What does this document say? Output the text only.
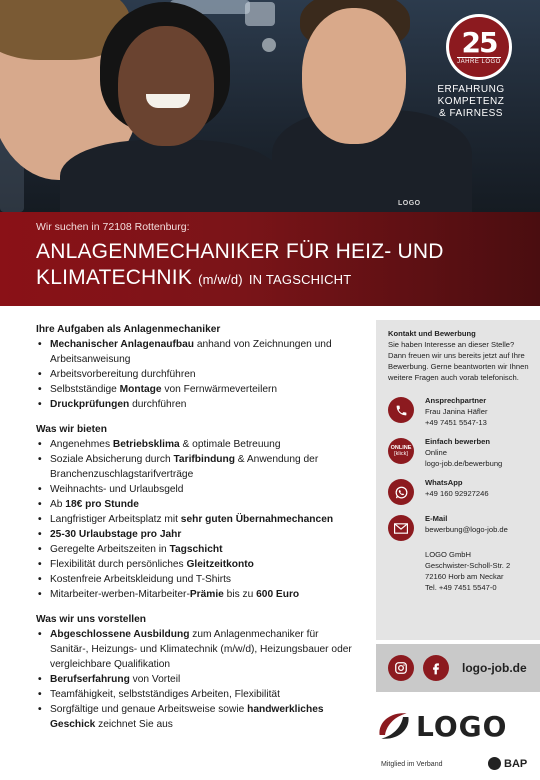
25
JAHRE LOGO
ERFAHRUNG
KOMPETENZ
& FAIRNESS
LOGO
Wir suchen in 72108 Rottenburg:
ANLAGENMECHANIKER FÜR HEIZ- UND
KLIMATECHNIK (m/w/d) IN TAGSCHICHT
Ihre Aufgaben als Anlagenmechaniker
• Mechanischer Anlagenaufbau anhand von Zeichnungen und Arbeitsanweisung
• Arbeitsvorbereitung durchführen
• Selbstständige Montage von Fernwärmeverteilern
• Druckprüfungen durchführen
Was wir bieten
• Angenehmes Betriebsklima & optimale Betreuung
• Soziale Absicherung durch Tarifbindung & Anwendung der Branchenzuschlagstarifverträge
• Weihnachts- und Urlaubsgeld
• Ab 18€ pro Stunde
• Langfristiger Arbeitsplatz mit sehr guten Übernahmechancen
• 25-30 Urlaubstage pro Jahr
• Geregelte Arbeitszeiten in Tagschicht
• Flexibilität durch persönliches Gleitzeitkonto
• Kostenfreie Arbeitskleidung und T-Shirts
• Mitarbeiter-werben-Mitarbeiter-Prämie bis zu 600 Euro
Was wir uns vorstellen
• Abgeschlossene Ausbildung zum Anlagenmechaniker für Sanitär-, Heizungs- und Klimatechnik (m/w/d), Heizungsbauer oder vergleichbare Qualifikation
• Berufserfahrung von Vorteil
• Teamfähigkeit, selbstständiges Arbeiten, Flexibilität
• Sorgfältige und genaue Arbeitsweise sowie handwerkliches Geschick zeichnet Sie aus
Kontakt und Bewerbung
Sie haben Interesse an dieser Stelle? Dann freuen wir uns bereits jetzt auf Ihre Bewerbung. Gerne beantworten wir Ihnen weitere Fragen auch vorab telefonisch.
Ansprechpartner
Frau Janina Häfler
+49 7451 5547-13
ONLINE
[klick]
Einfach bewerben
Online
logo-job.de/bewerbung
WhatsApp
+49 160 92927246
E-Mail
bewerbung@logo-job.de
LOGO GmbH
Geschwister-Scholl-Str. 2
72160 Horb am Neckar
Tel. +49 7451 5547-0
logo-job.de
LOGO
Mitglied im Verband	BAP
